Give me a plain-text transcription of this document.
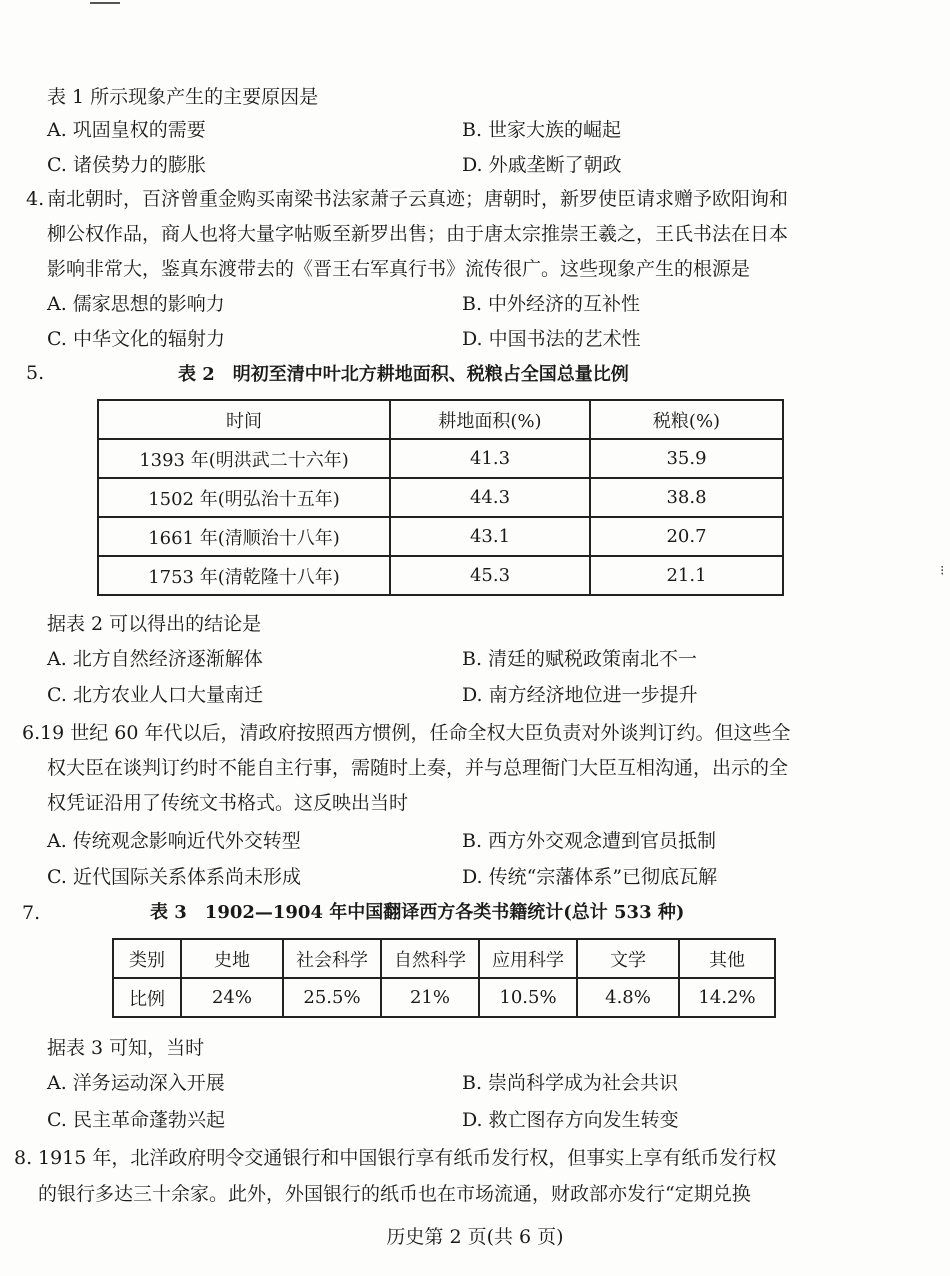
表 1 所示现象产生的主要原因是
A. 巩固皇权的需要	B. 世家大族的崛起
C. 诸侯势力的膨胀	D. 外戚垄断了朝政
4. 南北朝时，百济曾重金购买南梁书法家萧子云真迹；唐朝时，新罗使臣请求赠予欧阳询和
柳公权作品，商人也将大量字帖贩至新罗出售；由于唐太宗推崇王羲之，王氏书法在日本
影响非常大，鉴真东渡带去的《晋王右军真行书》流传很广。这些现象产生的根源是
A. 儒家思想的影响力	B. 中外经济的互补性
C. 中华文化的辐射力	D. 中国书法的艺术性
5.	表 2　明初至清中叶北方耕地面积、税粮占全国总量比例
时间	耕地面积(%)	税粮(%)
1393 年(明洪武二十六年)	41.3	35.9
1502 年(明弘治十五年)	44.3	38.8
1661 年(清顺治十八年)	43.1	20.7
1753 年(清乾隆十八年)	45.3	21.1
据表 2 可以得出的结论是
A. 北方自然经济逐渐解体	B. 清廷的赋税政策南北不一
C. 北方农业人口大量南迁	D. 南方经济地位进一步提升
6. 19 世纪 60 年代以后，清政府按照西方惯例，任命全权大臣负责对外谈判订约。但这些全
权大臣在谈判订约时不能自主行事，需随时上奏，并与总理衙门大臣互相沟通，出示的全
权凭证沿用了传统文书格式。这反映出当时
A. 传统观念影响近代外交转型	B. 西方外交观念遭到官员抵制
C. 近代国际关系体系尚未形成	D. 传统“宗藩体系”已彻底瓦解
7.	表 3　1902—1904 年中国翻译西方各类书籍统计(总计 533 种)
类别	史地	社会科学	自然科学	应用科学	文学	其他
比例	24%	25.5%	21%	10.5%	4.8%	14.2%
据表 3 可知，当时
A. 洋务运动深入开展	B. 崇尚科学成为社会共识
C. 民主革命蓬勃兴起	D. 救亡图存方向发生转变
8. 1915 年，北洋政府明令交通银行和中国银行享有纸币发行权，但事实上享有纸币发行权
的银行多达三十余家。此外，外国银行的纸币也在市场流通，财政部亦发行“定期兑换
历史第 2 页(共 6 页)
⁝
